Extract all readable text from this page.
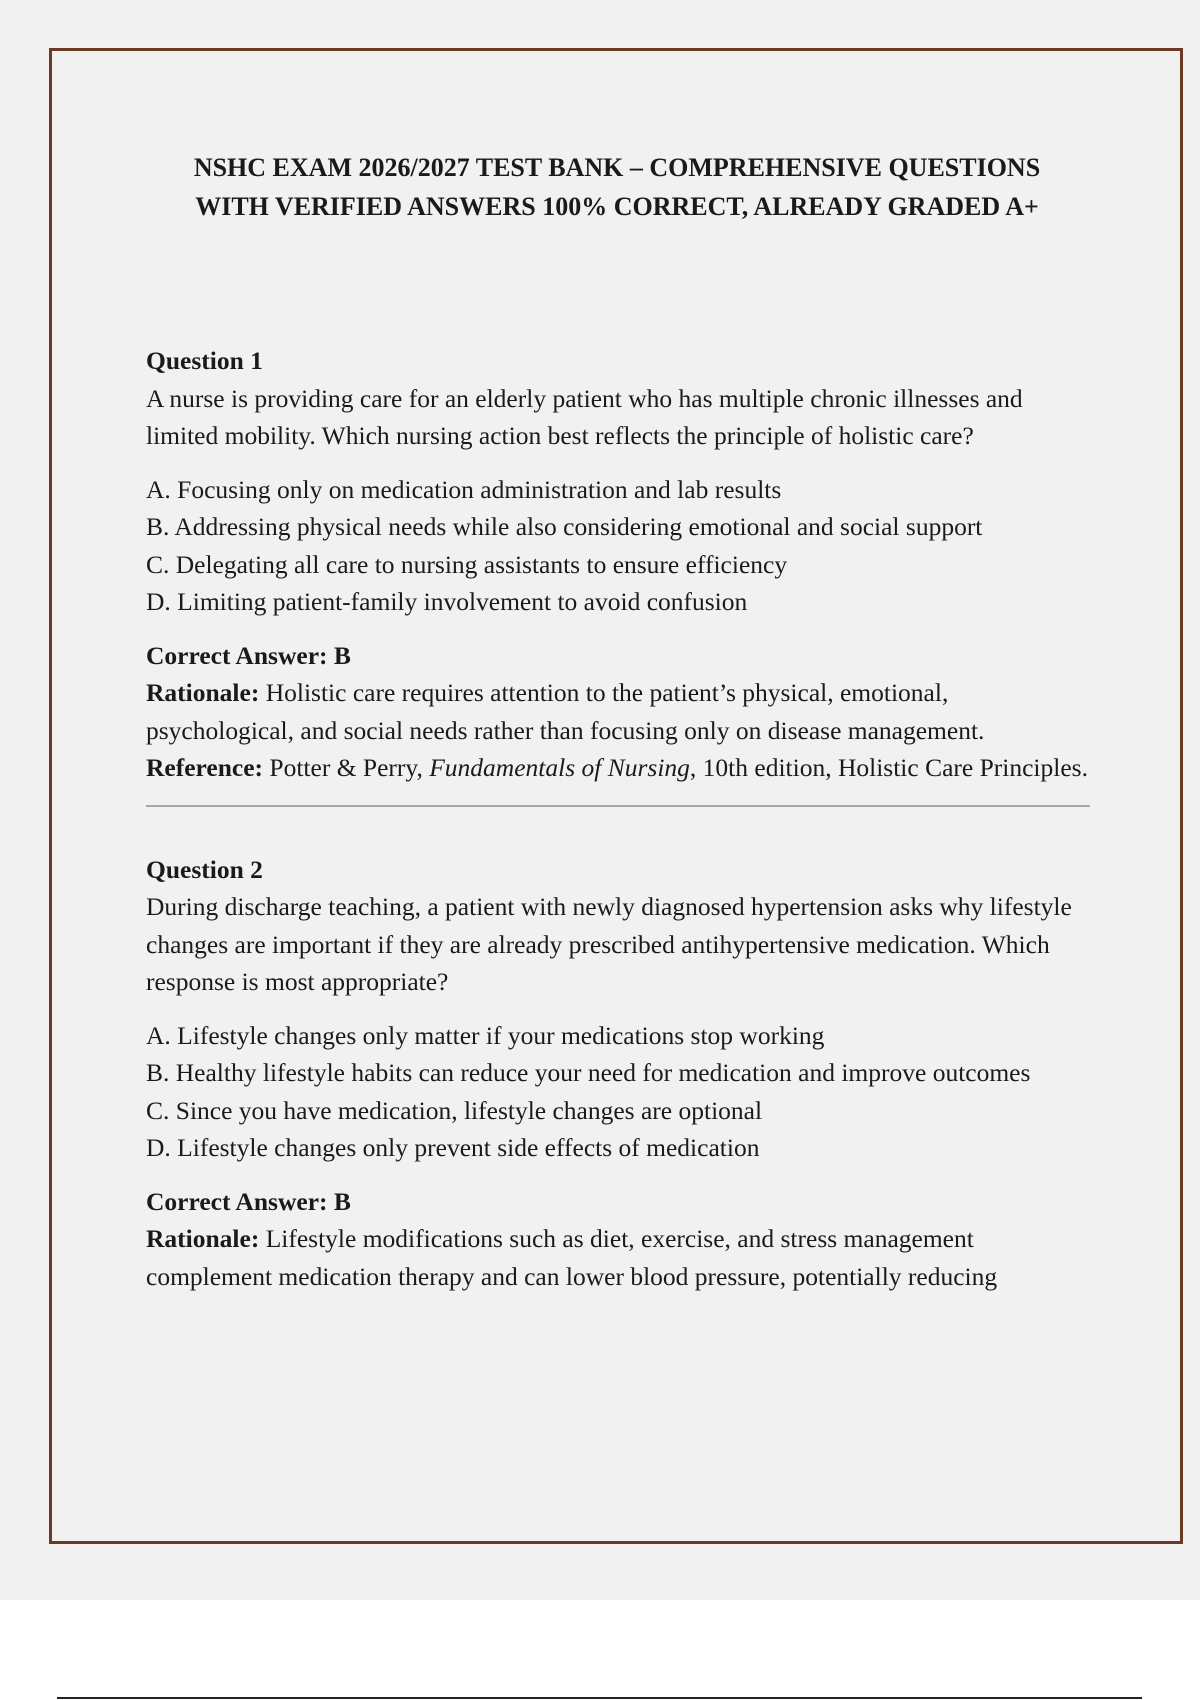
NSHC EXAM 2026/2027 TEST BANK – COMPREHENSIVE QUESTIONS
WITH VERIFIED ANSWERS 100% CORRECT, ALREADY GRADED A+

Question 1

A nurse is providing care for an elderly patient who has multiple chronic illnesses and limited mobility. Which nursing action best reflects the principle of holistic care?

A. Focusing only on medication administration and lab results

B. Addressing physical needs while also considering emotional and social support

C. Delegating all care to nursing assistants to ensure efficiency

D. Limiting patient-family involvement to avoid confusion

Correct Answer: B

Rationale: Holistic care requires attention to the patient’s physical, emotional, psychological, and social needs rather than focusing only on disease management.

Reference: Potter & Perry, Fundamentals of Nursing, 10th edition, Holistic Care Principles.

Question 2

During discharge teaching, a patient with newly diagnosed hypertension asks why lifestyle changes are important if they are already prescribed antihypertensive medication. Which response is most appropriate?

A. Lifestyle changes only matter if your medications stop working

B. Healthy lifestyle habits can reduce your need for medication and improve outcomes

C. Since you have medication, lifestyle changes are optional

D. Lifestyle changes only prevent side effects of medication

Correct Answer: B

Rationale: Lifestyle modifications such as diet, exercise, and stress management complement medication therapy and can lower blood pressure, potentially reducing
